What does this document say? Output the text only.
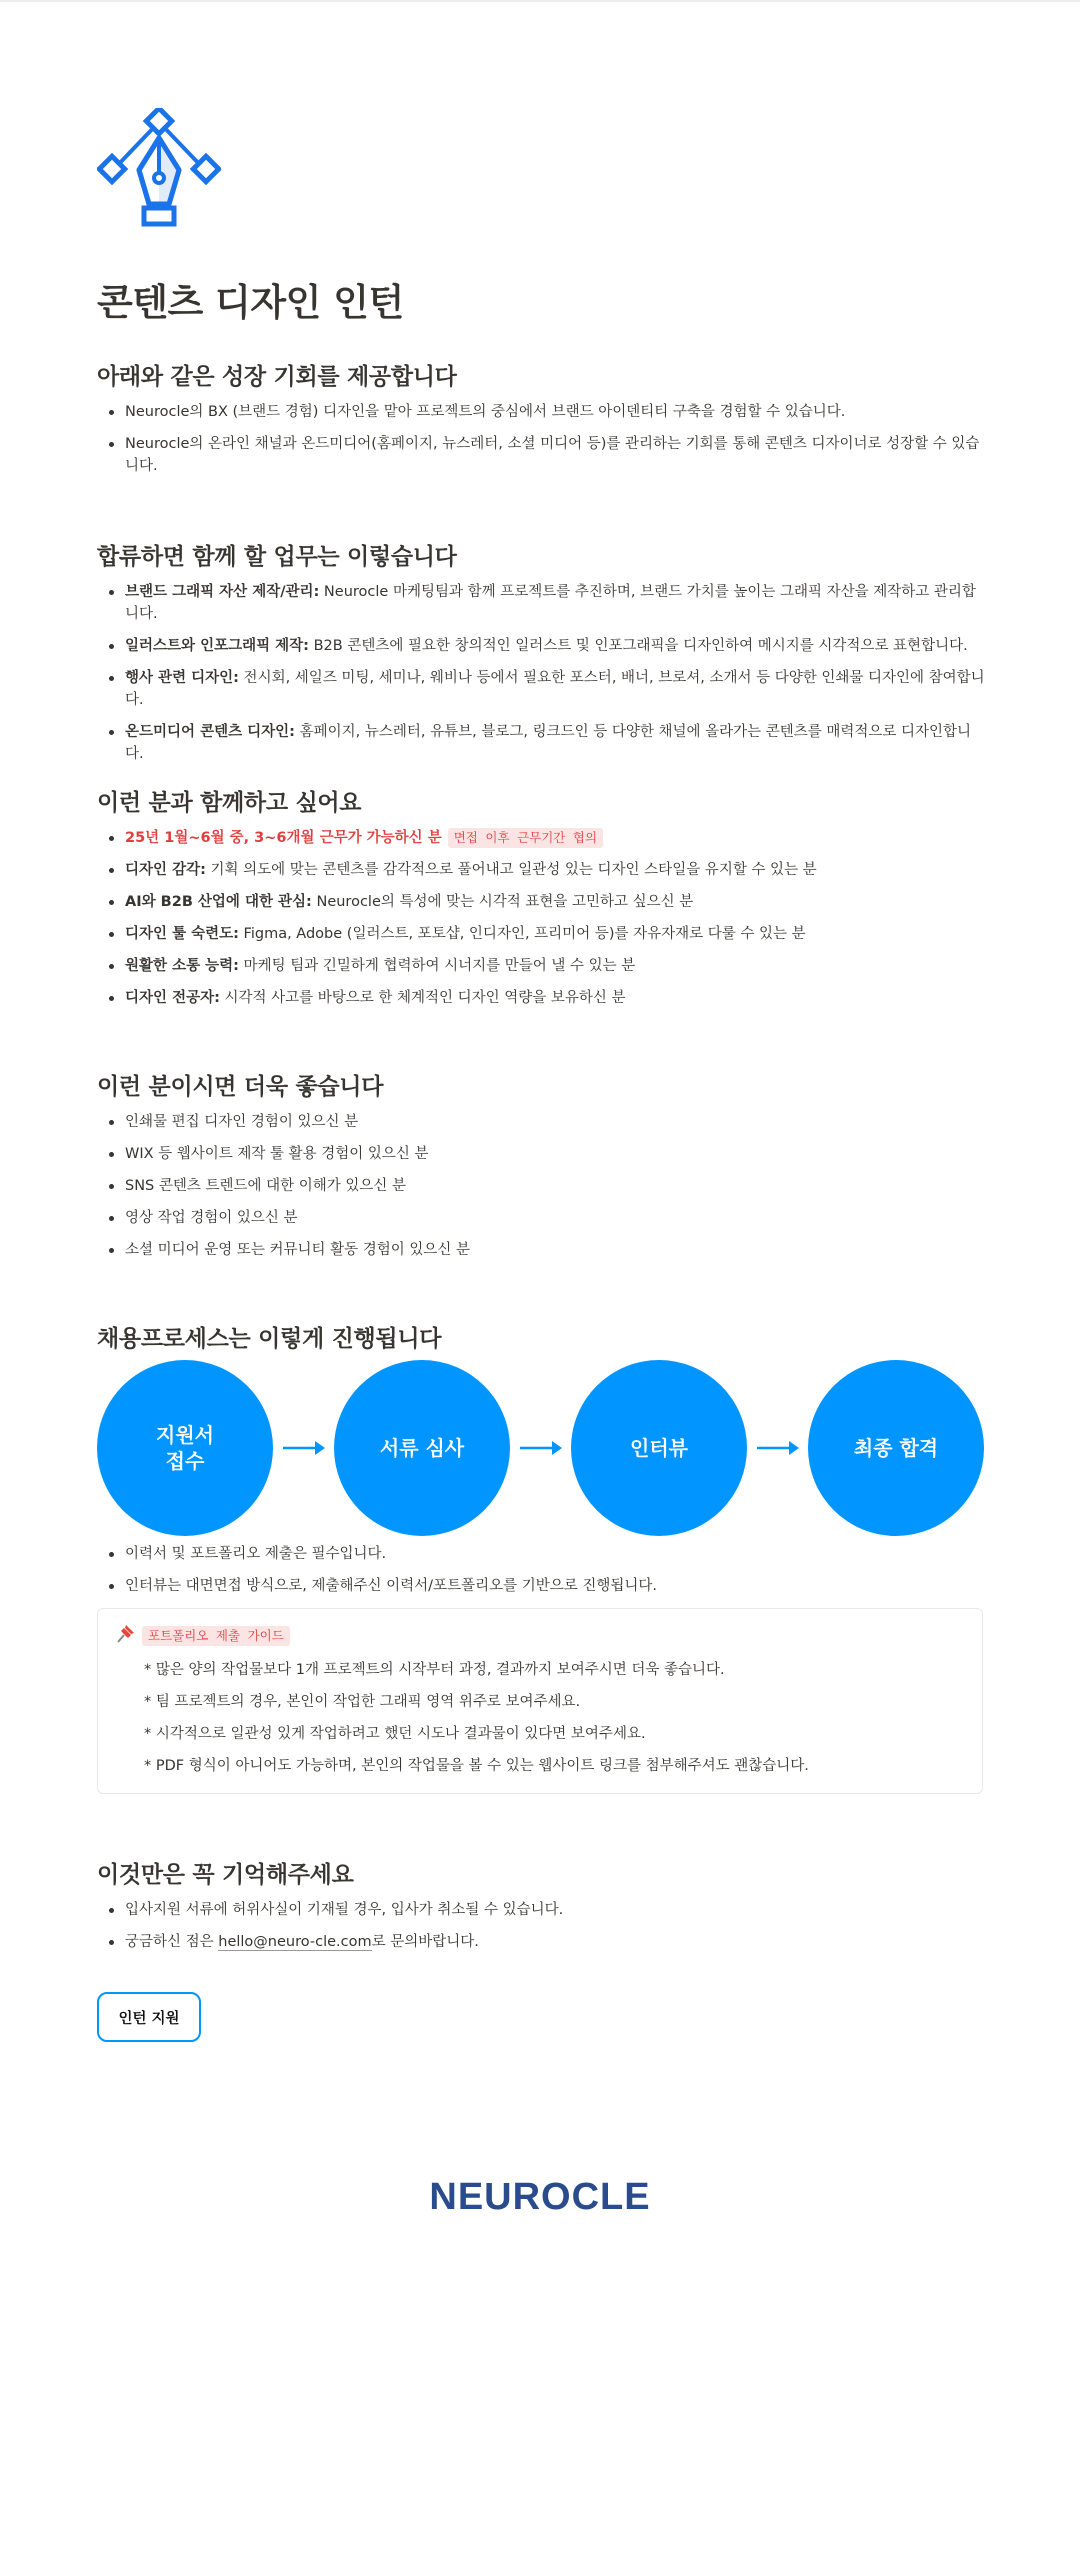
콘텐츠 디자인 인턴
아래와 같은 성장 기회를 제공합니다
Neurocle의 BX (브랜드 경험) 디자인을 맡아 프로젝트의 중심에서 브랜드 아이덴티티 구축을 경험할 수 있습니다.
Neurocle의 온라인 채널과 온드미디어(홈페이지, 뉴스레터, 소셜 미디어 등)를 관리하는 기회를 통해 콘텐츠 디자이너로 성장할 수 있습니다.
합류하면 함께 할 업무는 이렇습니다
브랜드 그래픽 자산 제작/관리: Neurocle 마케팅팀과 함께 프로젝트를 추진하며, 브랜드 가치를 높이는 그래픽 자산을 제작하고 관리합니다.
일러스트와 인포그래픽 제작: B2B 콘텐츠에 필요한 창의적인 일러스트 및 인포그래픽을 디자인하여 메시지를 시각적으로 표현합니다.
행사 관련 디자인: 전시회, 세일즈 미팅, 세미나, 웨비나 등에서 필요한 포스터, 배너, 브로셔, 소개서 등 다양한 인쇄물 디자인에 참여합니다.
온드미디어 콘텐츠 디자인: 홈페이지, 뉴스레터, 유튜브, 블로그, 링크드인 등 다양한 채널에 올라가는 콘텐츠를 매력적으로 디자인합니다.
이런 분과 함께하고 싶어요
25년 1월~6월 중, 3~6개월 근무가 가능하신 분 면접 이후 근무기간 협의
디자인 감각: 기획 의도에 맞는 콘텐츠를 감각적으로 풀어내고 일관성 있는 디자인 스타일을 유지할 수 있는 분
AI와 B2B 산업에 대한 관심: Neurocle의 특성에 맞는 시각적 표현을 고민하고 싶으신 분
디자인 툴 숙련도: Figma, Adobe (일러스트, 포토샵, 인디자인, 프리미어 등)를 자유자재로 다룰 수 있는 분
원활한 소통 능력: 마케팅 팀과 긴밀하게 협력하여 시너지를 만들어 낼 수 있는 분
디자인 전공자: 시각적 사고를 바탕으로 한 체계적인 디자인 역량을 보유하신 분
이런 분이시면 더욱 좋습니다
인쇄물 편집 디자인 경험이 있으신 분
WIX 등 웹사이트 제작 툴 활용 경험이 있으신 분
SNS 콘텐츠 트렌드에 대한 이해가 있으신 분
영상 작업 경험이 있으신 분
소셜 미디어 운영 또는 커뮤니티 활동 경험이 있으신 분
채용프로세스는 이렇게 진행됩니다
지원서
접수
서류 심사	인터뷰	최종 합격
이력서 및 포트폴리오 제출은 필수입니다.
인터뷰는 대면면접 방식으로, 제출해주신 이력서/포트폴리오를 기반으로 진행됩니다.
포트폴리오 제출 가이드
* 많은 양의 작업물보다 1개 프로젝트의 시작부터 과정, 결과까지 보여주시면 더욱 좋습니다.
* 팀 프로젝트의 경우, 본인이 작업한 그래픽 영역 위주로 보여주세요.
* 시각적으로 일관성 있게 작업하려고 했던 시도나 결과물이 있다면 보여주세요.
* PDF 형식이 아니어도 가능하며, 본인의 작업물을 볼 수 있는 웹사이트 링크를 첨부해주셔도 괜찮습니다.
이것만은 꼭 기억해주세요
입사지원 서류에 허위사실이 기재될 경우, 입사가 취소될 수 있습니다.
궁금하신 점은 hello@neuro-cle.com로 문의바랍니다.
인턴 지원
NEUROCLE
